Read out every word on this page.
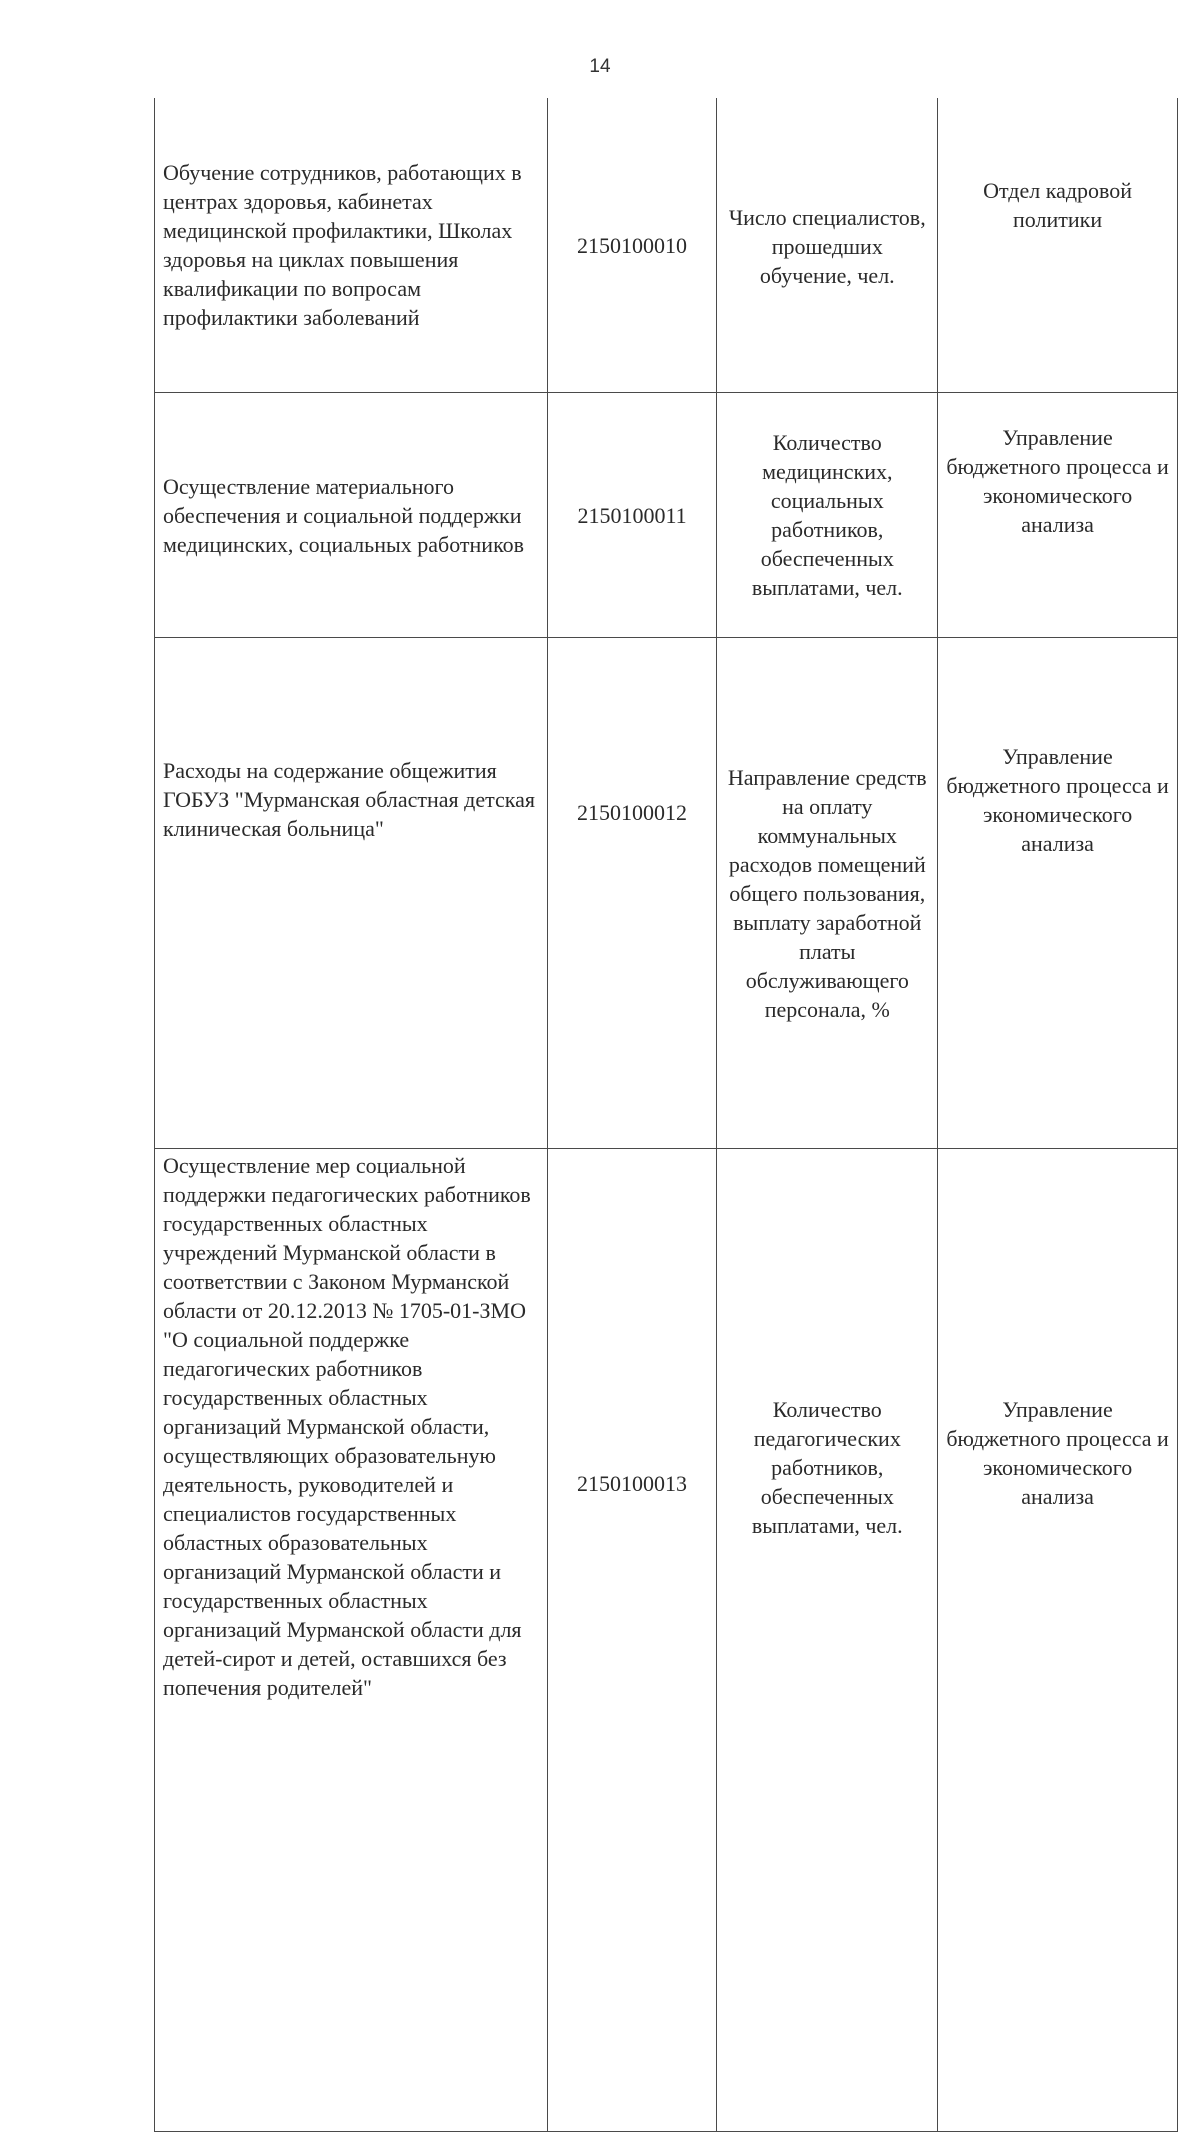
14
Обучение сотрудников, работающих в центрах здоровья, кабинетах медицинской профилактики, Школах здоровья на циклах повышения квалификации по вопросам профилактики заболеваний	2150100010	Число специалистов, прошедших обучение, чел.	Отдел кадровой политики
Осуществление материального обеспечения и социальной поддержки медицинских, социальных работников	2150100011	Количество медицинских, социальных работников, обеспеченных выплатами, чел.	Управление бюджетного процесса и экономического анализа
Расходы на содержание общежития ГОБУЗ "Мурманская областная детская клиническая больница"	2150100012	Направление средств на оплату коммунальных расходов помещений общего пользования, выплату заработной платы обслуживающего персонала, %	Управление бюджетного процесса и экономического анализа
Осуществление мер социальной поддержки педагогических работников государственных областных учреждений Мурманской области в соответствии с Законом Мурманской области от 20.12.2013 № 1705-01-ЗМО "О социальной поддержке педагогических работников государственных областных организаций Мурманской области, осуществляющих образовательную деятельность, руководителей и специалистов государственных областных образовательных организаций Мурманской области и государственных областных организаций Мурманской области для детей-сирот и детей, оставшихся без попечения родителей"	2150100013	Количество педагогических работников, обеспеченных выплатами, чел.	Управление бюджетного процесса и экономического анализа
